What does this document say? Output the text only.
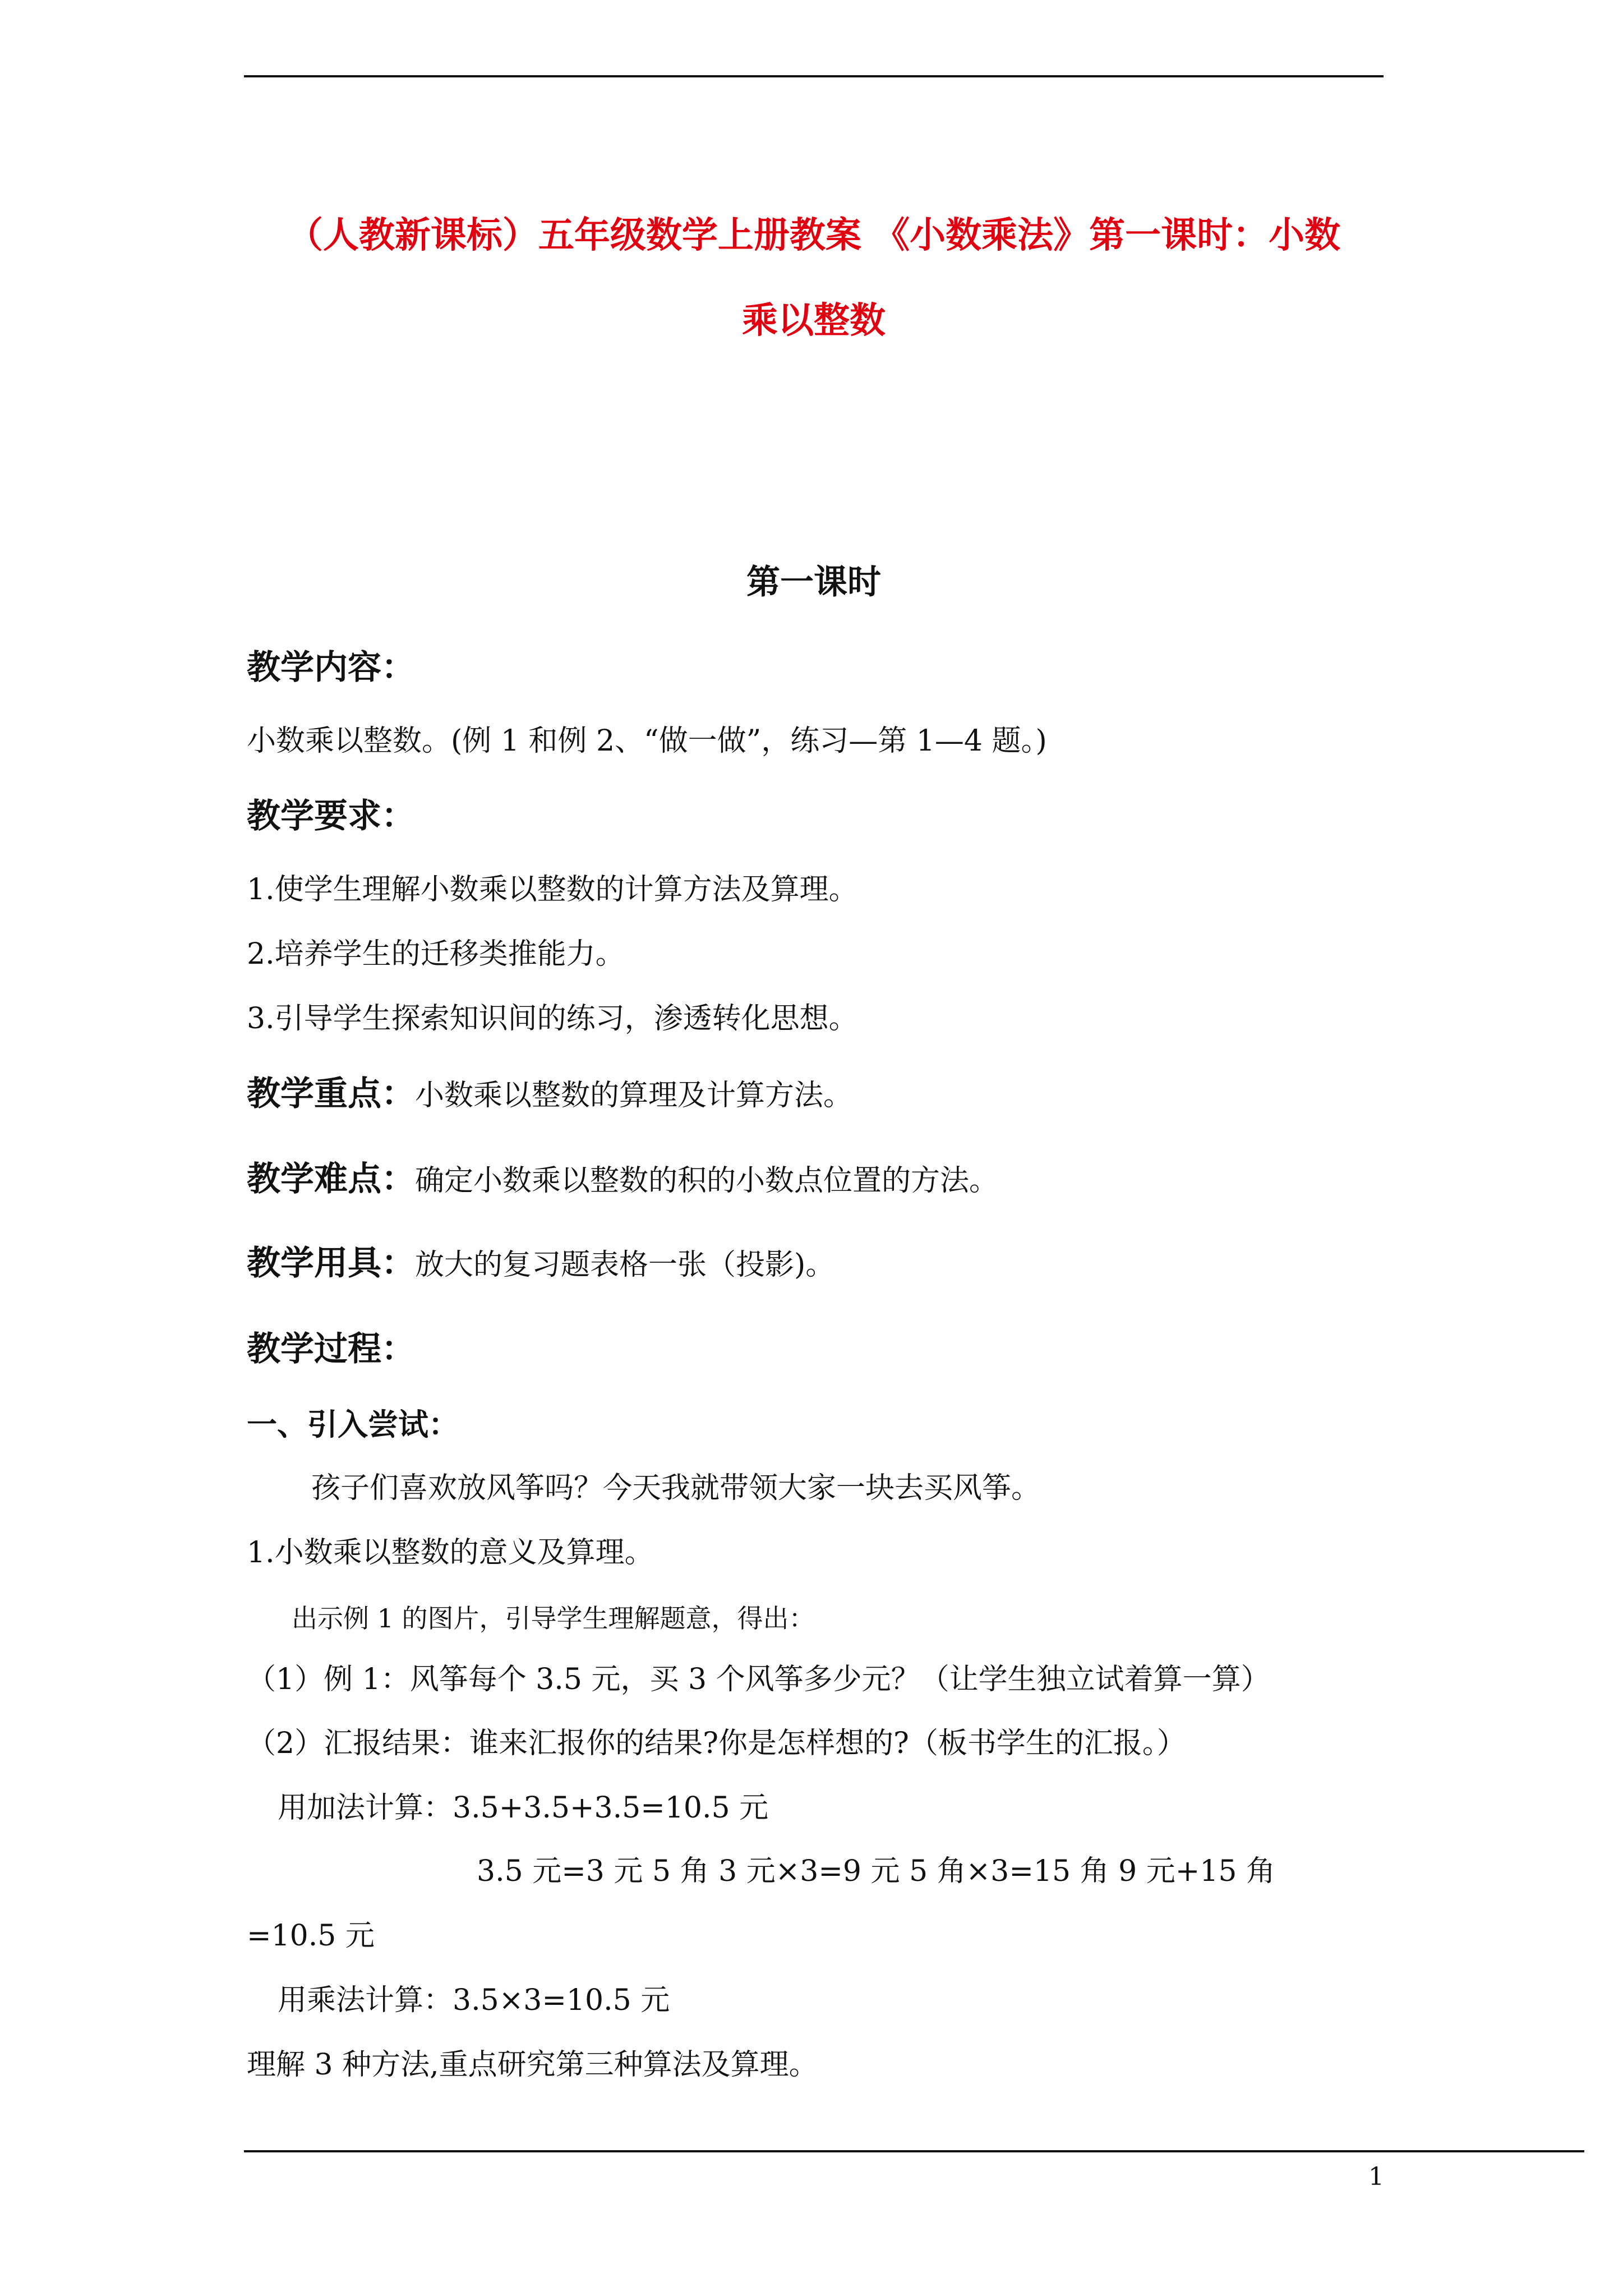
（人教新课标）五年级数学上册教案 《小数乘法》第一课时：小数
乘以整数
第一课时
教学内容：
小数乘以整数。(例 1 和例 2、“做一做”，练习—第 1—4 题。)
教学要求：
1.使学生理解小数乘以整数的计算方法及算理。
2.培养学生的迁移类推能力。
3.引导学生探索知识间的练习，渗透转化思想。
教学重点：小数乘以整数的算理及计算方法。
教学难点：确定小数乘以整数的积的小数点位置的方法。
教学用具：放大的复习题表格一张（投影)。
教学过程：
一、引入尝试：
孩子们喜欢放风筝吗？今天我就带领大家一块去买风筝。
1.小数乘以整数的意义及算理。
出示例 1 的图片，引导学生理解题意，得出：
（1）例 1：风筝每个 3.5 元，买 3 个风筝多少元？（让学生独立试着算一算）
（2）汇报结果：谁来汇报你的结果?你是怎样想的?（板书学生的汇报。）
用加法计算：3.5+3.5+3.5=10.5 元
3.5 元=3 元 5 角 3 元×3=9 元 5 角×3=15 角 9 元+15 角
=10.5 元
用乘法计算：3.5×3=10.5 元
理解 3 种方法,重点研究第三种算法及算理。
1
